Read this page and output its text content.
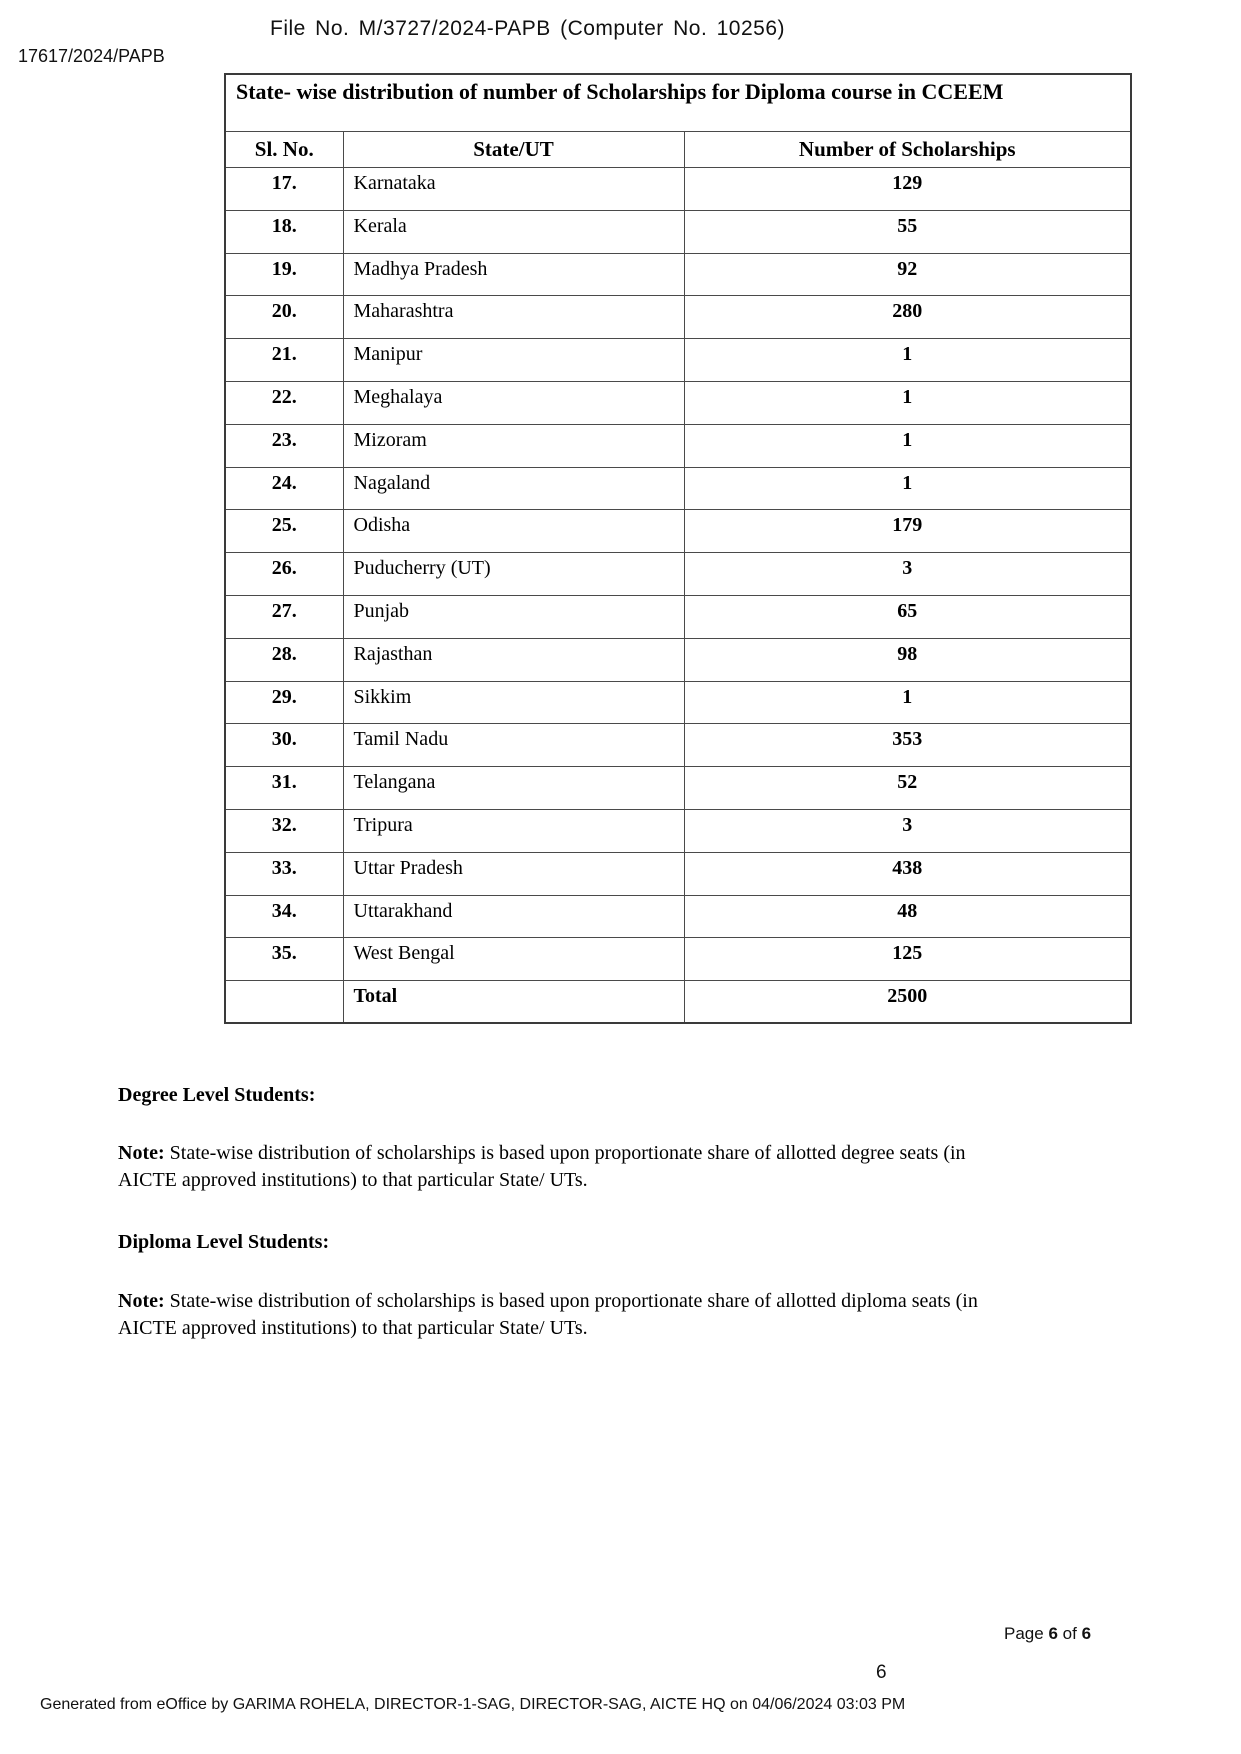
File No. M/3727/2024-PAPB (Computer No. 10256)
17617/2024/PAPB
State- wise distribution of number of Scholarships for Diploma course in CCEEM		
Sl. No.	State/UT	Number of Scholarships
17.	Karnataka	129
18.	Kerala	55
19.	Madhya Pradesh	92
20.	Maharashtra	280
21.	Manipur	1
22.	Meghalaya	1
23.	Mizoram	1
24.	Nagaland	1
25.	Odisha	179
26.	Puducherry (UT)	3
27.	Punjab	65
28.	Rajasthan	98
29.	Sikkim	1
30.	Tamil Nadu	353
31.	Telangana	52
32.	Tripura	3
33.	Uttar Pradesh	438
34.	Uttarakhand	48
35.	West Bengal	125
	Total	2500
Degree Level Students:
Note: State-wise distribution of scholarships is based upon proportionate share of allotted degree seats (in AICTE approved institutions) to that particular State/ UTs.
Diploma Level Students:
Note: State-wise distribution of scholarships is based upon proportionate share of allotted diploma seats (in AICTE approved institutions) to that particular State/ UTs.
Page 6 of 6
6
Generated from eOffice by GARIMA ROHELA, DIRECTOR-1-SAG, DIRECTOR-SAG, AICTE HQ on 04/06/2024 03:03 PM
